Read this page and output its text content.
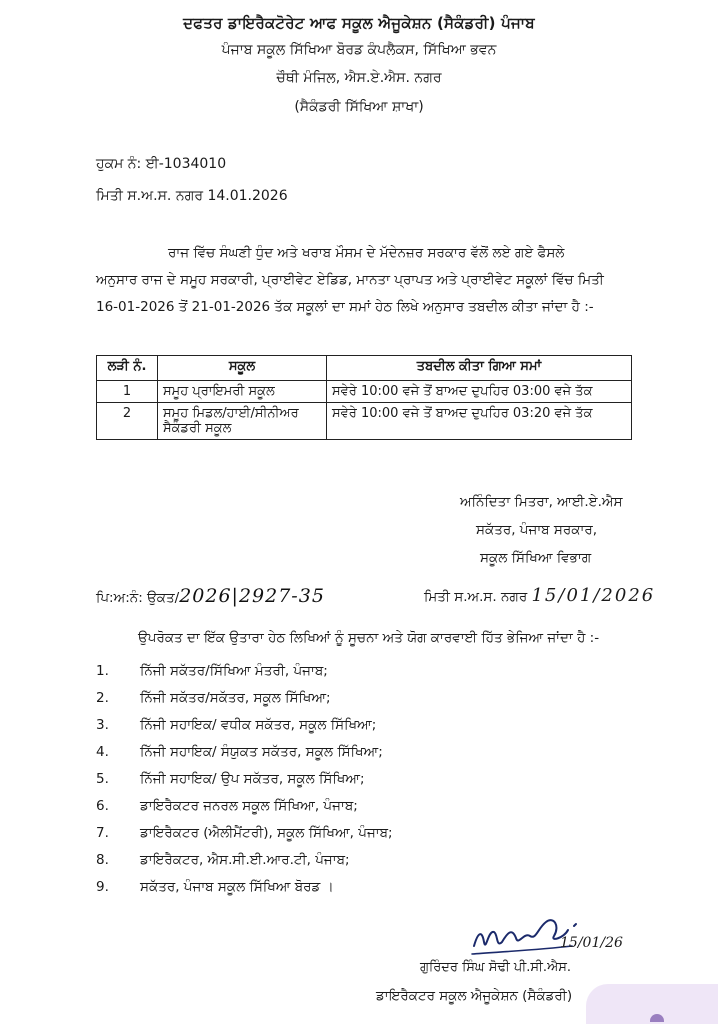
ਦਫਤਰ ਡਾਇਰੈਕਟੋਰੇਟ ਆਫ ਸਕੂਲ ਐਜੂਕੇਸ਼ਨ (ਸੈਕੰਡਰੀ) ਪੰਜਾਬ
ਪੰਜਾਬ ਸਕੂਲ ਸਿੱਖਿਆ ਬੋਰਡ ਕੰਪਲੈਕਸ, ਸਿੱਖਿਆ ਭਵਨ
ਚੌਥੀ ਮੰਜਿਲ, ਐਸ.ਏ.ਐਸ. ਨਗਰ
(ਸੈਕੰਡਰੀ ਸਿੱਖਿਆ ਸ਼ਾਖਾ)
ਹੁਕਮ ਨੰ: ਈ-1034010
ਮਿਤੀ ਸ.ਅ.ਸ. ਨਗਰ 14.01.2026
ਰਾਜ ਵਿੱਚ ਸੰਘਣੀ ਧੁੰਦ ਅਤੇ ਖਰਾਬ ਮੌਸਮ ਦੇ ਮੱਦੇਨਜ਼ਰ ਸਰਕਾਰ ਵੱਲੋਂ ਲਏ ਗਏ ਫੈਸਲੇ
ਅਨੁਸਾਰ ਰਾਜ ਦੇ ਸਮੂਹ ਸਰਕਾਰੀ, ਪ੍ਰਾਈਵੇਟ ਏਡਿਡ, ਮਾਨਤਾ ਪ੍ਰਾਪਤ ਅਤੇ ਪ੍ਰਾਈਵੇਟ ਸਕੂਲਾਂ ਵਿੱਚ ਮਿਤੀ
16-01-2026 ਤੋਂ 21-01-2026 ਤੱਕ ਸਕੂਲਾਂ ਦਾ ਸਮਾਂ ਹੇਠ ਲਿਖੇ ਅਨੁਸਾਰ ਤਬਦੀਲ ਕੀਤਾ ਜਾਂਦਾ ਹੈ :-
ਲੜੀ ਨੰ.	ਸਕੂਲ	ਤਬਦੀਲ ਕੀਤਾ ਗਿਆ ਸਮਾਂ
1	ਸਮੂਹ ਪ੍ਰਾਇਮਰੀ ਸਕੂਲ	ਸਵੇਰੇ 10:00 ਵਜੇ ਤੋਂ ਬਾਅਦ ਦੁਪਹਿਰ 03:00 ਵਜੇ ਤੱਕ
2	ਸਮੂਹ ਮਿਡਲ/ਹਾਈ/ਸੀਨੀਅਰ ਸੈਕੰਡਰੀ ਸਕੂਲ	ਸਵੇਰੇ 10:00 ਵਜੇ ਤੋਂ ਬਾਅਦ ਦੁਪਹਿਰ 03:20 ਵਜੇ ਤੱਕ
ਅਨਿੰਦਿਤਾ ਮਿਤਰਾ, ਆਈ.ਏ.ਐਸ
ਸਕੱਤਰ, ਪੰਜਾਬ ਸਰਕਾਰ,
ਸਕੂਲ ਸਿੱਖਿਆ ਵਿਭਾਗ
ਪਿ:ਅ:ਨੰ: ਉਕਤ/2026|2927-35	ਮਿਤੀ ਸ.ਅ.ਸ. ਨਗਰ 15/01/2026
ਉਪਰੋਕਤ ਦਾ ਇੱਕ ਉਤਾਰਾ ਹੇਠ ਲਿਖਿਆਂ ਨੂੰ ਸੂਚਨਾ ਅਤੇ ਯੋਗ ਕਾਰਵਾਈ ਹਿੱਤ ਭੇਜਿਆ ਜਾਂਦਾ ਹੈ :-
1. ਨਿੱਜੀ ਸਕੱਤਰ/ਸਿੱਖਿਆ ਮੰਤਰੀ, ਪੰਜਾਬ;
2. ਨਿੱਜੀ ਸਕੱਤਰ/ਸਕੱਤਰ, ਸਕੂਲ ਸਿੱਖਿਆ;
3. ਨਿੱਜੀ ਸਹਾਇਕ/ ਵਧੀਕ ਸਕੱਤਰ, ਸਕੂਲ ਸਿੱਖਿਆ;
4. ਨਿੱਜੀ ਸਹਾਇਕ/ ਸੰਯੁਕਤ ਸਕੱਤਰ, ਸਕੂਲ ਸਿੱਖਿਆ;
5. ਨਿੱਜੀ ਸਹਾਇਕ/ ਉਪ ਸਕੱਤਰ, ਸਕੂਲ ਸਿੱਖਿਆ;
6. ਡਾਇਰੈਕਟਰ ਜਨਰਲ ਸਕੂਲ ਸਿੱਖਿਆ, ਪੰਜਾਬ;
7. ਡਾਇਰੈਕਟਰ (ਐਲੀਮੈਂਟਰੀ), ਸਕੂਲ ਸਿੱਖਿਆ, ਪੰਜਾਬ;
8. ਡਾਇਰੈਕਟਰ, ਐਸ.ਸੀ.ਈ.ਆਰ.ਟੀ, ਪੰਜਾਬ;
9. ਸਕੱਤਰ, ਪੰਜਾਬ ਸਕੂਲ ਸਿੱਖਿਆ ਬੋਰਡ ।
15/01/26
ਗੁਰਿੰਦਰ ਸਿੰਘ ਸੋਢੀ ਪੀ.ਸੀ.ਐਸ.
ਡਾਇਰੈਕਟਰ ਸਕੂਲ ਐਜੂਕੇਸ਼ਨ (ਸੈਕੰਡਰੀ)
